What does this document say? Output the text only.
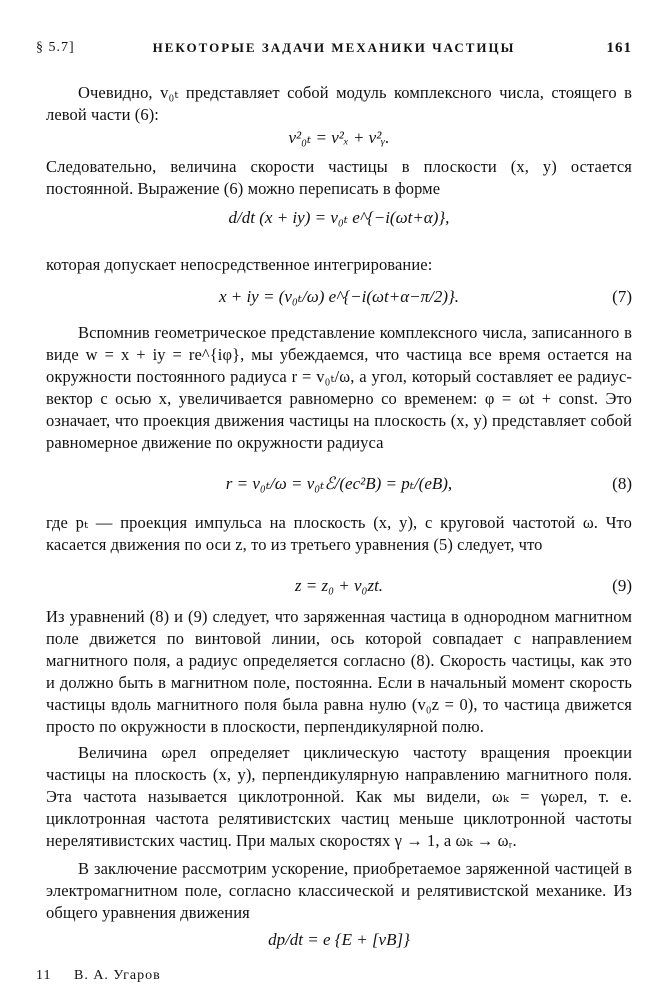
§ 5.7]	НЕКОТОРЫЕ ЗАДАЧИ МЕХАНИКИ ЧАСТИЦЫ	161

Очевидно, v₀ₜ представляет собой модуль комплексного числа, стоящего в левой части (6):

v²₀ₜ = v²ₓ + v²ᵧ.

Следовательно, величина скорости частицы в плоскости (x, y) остается постоянной. Выражение (6) можно переписать в форме

d/dt (x + iy) = v₀ₜ e^{−i(ωt+α)},

которая допускает непосредственное интегрирование:

x + iy = (v₀ₜ/ω) e^{−i(ωt+α−π/2)}.	(7)

Вспомнив геометрическое представление комплексного числа, записанного в виде w = x + iy = re^{iφ}, мы убеждаемся, что частица все время остается на окружности постоянного радиуса r = v₀ₜ/ω, а угол, который составляет ее радиус-вектор с осью x, увеличивается равномерно со временем: φ = ωt + const. Это означает, что проекция движения частицы на плоскость (x, y) представляет собой равномерное движение по окружности радиуса

r = v₀ₜ/ω = v₀ₜℰ/(ec²B) = pₜ/(eB),	(8)

где pₜ — проекция импульса на плоскость (x, y), с круговой частотой ω. Что касается движения по оси z, то из третьего уравнения (5) следует, что

z = z₀ + v₀zt.	(9)

Из уравнений (8) и (9) следует, что заряженная частица в однородном магнитном поле движется по винтовой линии, ось которой совпадает с направлением магнитного поля, а радиус определяется согласно (8). Скорость частицы, как это и должно быть в магнитном поле, постоянна. Если в начальный момент скорость частицы вдоль магнитного поля была равна нулю (v₀z = 0), то частица движется просто по окружности в плоскости, перпендикулярной полю.

Величина ωрел определяет циклическую частоту вращения проекции частицы на плоскость (x, y), перпендикулярную направлению магнитного поля. Эта частота называется циклотронной. Как мы видели, ωₖ = γωрел, т. е. циклотронная частота релятивистских частиц меньше циклотронной частоты нерелятивистских частиц. При малых скоростях γ → 1, а ωₖ → ωᵣ.

В заключение рассмотрим ускорение, приобретаемое заряженной частицей в электромагнитном поле, согласно классической и релятивистской механике. Из общего уравнения движения

dp/dt = e {E + [vB]}
11 В. А. Угаров
